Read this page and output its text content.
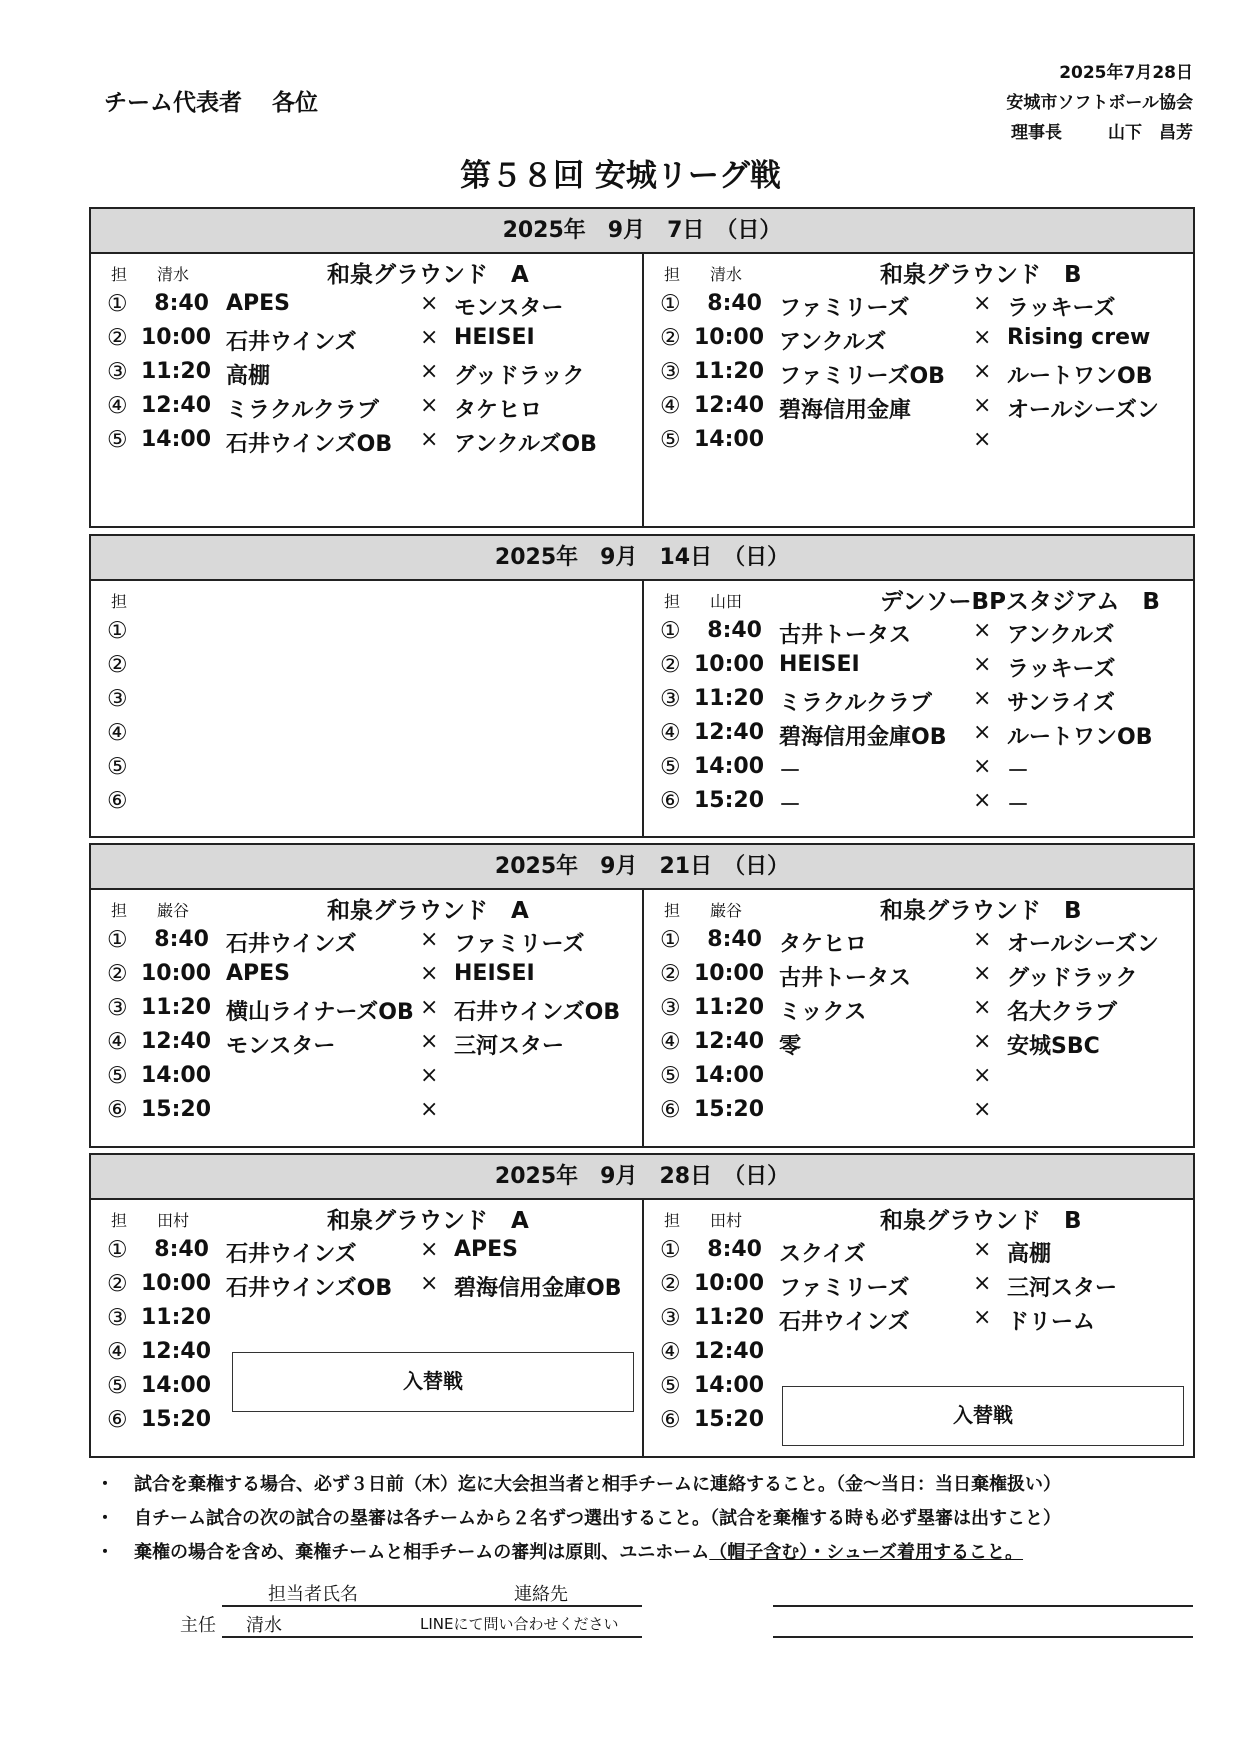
チーム代表者 各位
2025年7月28日
安城市ソフトボール協会
理事長	山下　昌芳
第５８回 安城リーグ戦
2025年　9月　7日　（日）
担 清水	和泉グラウンド　A
①	8:40 APES	× モンスター
② 10:00 石井ウインズ	× HEISEI
③ 11:20 高棚	× グッドラック
④ 12:40 ミラクルクラブ	× タケヒロ
⑤ 14:00 石井ウインズOB	× アンクルズOB
担 清水	和泉グラウンド　B
①	8:40 ファミリーズ	× ラッキーズ
② 10:00 アンクルズ	× Rising crew
③ 11:20 ファミリーズOB	× ルートワンOB
④ 12:40 碧海信用金庫	× オールシーズン
⑤ 14:00	×
2025年　9月　14日　（日）
担
①
②
③
④
⑤
⑥
担 山田	デンソーBPスタジアム　B
①	8:40 古井トータス	× アンクルズ
② 10:00 HEISEI	× ラッキーズ
③ 11:20 ミラクルクラブ	× サンライズ
④ 12:40 碧海信用金庫OB	× ルートワンOB
⑤ 14:00 －	× －
⑥ 15:20 －	× －
2025年　9月　21日　（日）
担 巌谷	和泉グラウンド　A
①	8:40 石井ウインズ	× ファミリーズ
② 10:00 APES	× HEISEI
③ 11:20 横山ライナーズOB × 石井ウインズOB
④ 12:40 モンスター	× 三河スター
⑤ 14:00	×
⑥ 15:20	×
担 巌谷	和泉グラウンド　B
①	8:40 タケヒロ	× オールシーズン
② 10:00 古井トータス	× グッドラック
③ 11:20 ミックス	× 名大クラブ
④ 12:40 零	× 安城SBC
⑤ 14:00	×
⑥ 15:20	×
2025年　9月　28日　（日）
担 田村	和泉グラウンド　A
①	8:40 石井ウインズ	× APES
② 10:00 石井ウインズOB	× 碧海信用金庫OB
③ 11:20
④ 12:40
⑤ 14:00
⑥ 15:20
入替戦
担 田村	和泉グラウンド　B
①	8:40 スクイズ	× 高棚
② 10:00 ファミリーズ	× 三河スター
③ 11:20 石井ウインズ	× ドリーム
④ 12:40
⑤ 14:00
⑥ 15:20	入替戦
・ 試合を棄権する場合、必ず３日前（木）迄に大会担当者と相手チームに連絡すること。（金～当日：当日棄権扱い）
・ 自チーム試合の次の試合の塁審は各チームから２名ずつ選出すること。（試合を棄権する時も必ず塁審は出すこと）
・ 棄権の場合を含め、棄権チームと相手チームの審判は原則、ユニホーム（帽子含む）・シューズ着用すること。
担当者氏名	連絡先
主任 清水	LINEにて問い合わせください
